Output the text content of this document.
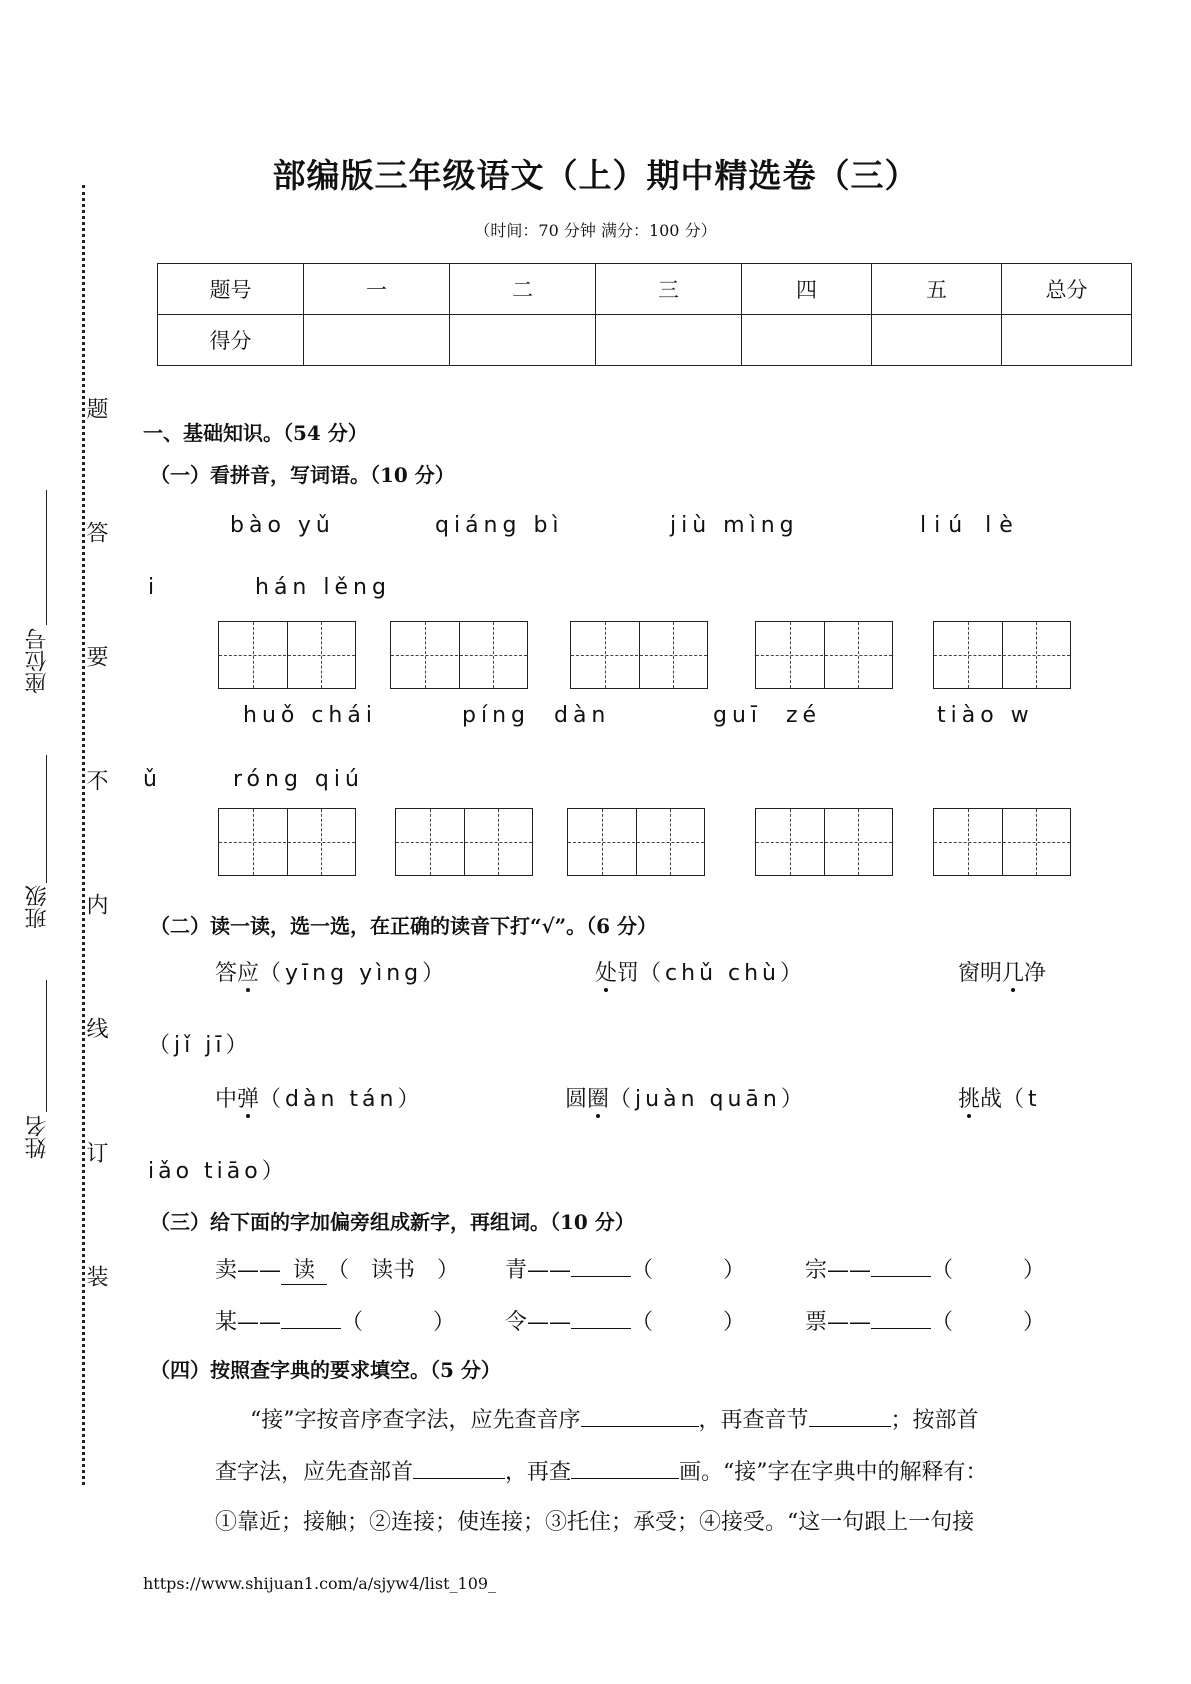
题
答
要
不
内
线
订
装
座位号
班级
姓名
部编版三年级语文（上）期中精选卷（三）
（时间：70 分钟 满分：100 分）
题号	一	二	三	四	五	总分
得分						
一、基础知识。（54 分）
（一）看拼音，写词语。（10 分）
bào yǔ	qiáng bì	jiù mìng	liú lè
i	hán lěng
huǒ chái	píng dàn	guī zé	tiào w
ǔ	róng qiú
（二）读一读，选一选，在正确的读音下打“√”。（6 分）
答应（yīng yìng）	处罚（chǔ chù）	窗明几净
（jǐ jī）
中弹（dàn tán）	圆圈（juàn quān）	挑战（t
iǎo tiāo）
（三）给下面的字加偏旁组成新字，再组词。（10 分）
卖—— 读 （ 读书 ） 青——	（	）	宗——	（	）
某——	（	） 令——	（	）	票——	（	）
（四）按照查字典的要求填空。（5 分）
“接”字按音序查字法，应先查音序	，再查音节	；按部首
查字法，应先查部首	，再查	画。“接”字在字典中的解释有：
①靠近；接触；②连接；使连接；③托住；承受；④接受。“这一句跟上一句接
https://www.shijuan1.com/a/sjyw4/list_109_
